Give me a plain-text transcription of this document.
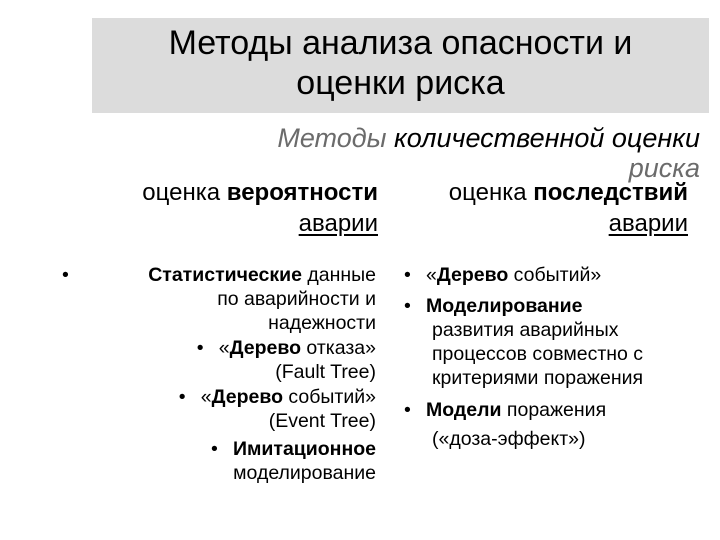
Методы анализа опасности и
оценки риска
Методы количественной оценки
риска
оценка вероятности
аварии
оценка последствий
аварии
•	Статистические данные
по аварийности и
надежности
• «Дерево отказа»
(Fault Tree)
• «Дерево событий»
(Event Tree)
• Имитационное
моделирование
• «Дерево событий»
• Моделирование
развития аварийных
процессов совместно с
критериями поражения
• Модели поражения
(«доза-эффект»)
